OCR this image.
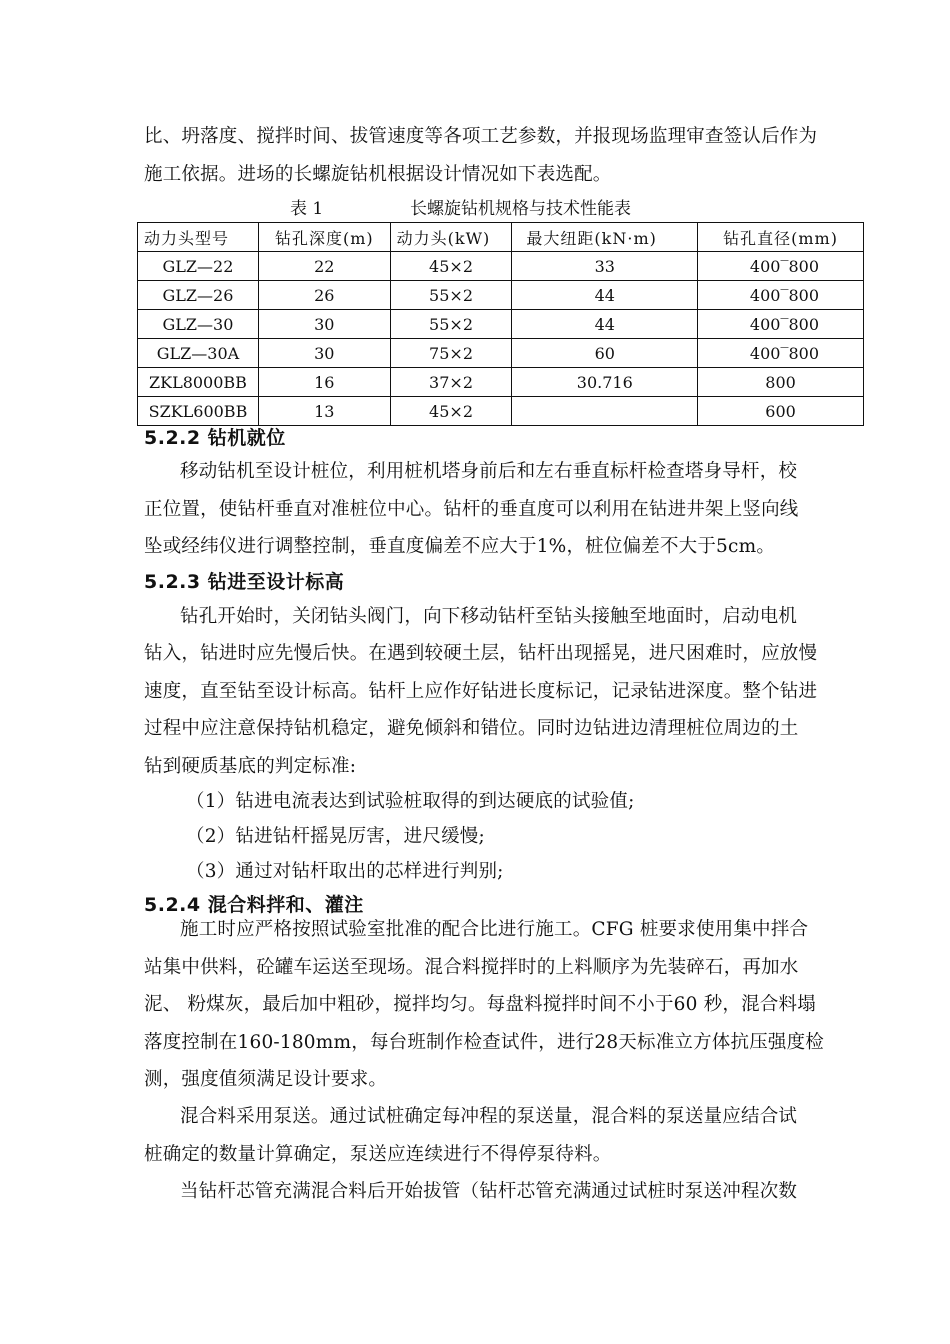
比、坍落度、搅拌时间、拔管速度等各项工艺参数，并报现场监理审查签认后作为
施工依据。进场的长螺旋钻机根据设计情况如下表选配。
表 1	长螺旋钻机规格与技术性能表
动力头型号	钻孔深度(m)	动力头(kW)	最大纽距(kN·m)	钻孔直径(mm)
GLZ—22	22	45×2	33	400‾800
GLZ—26	26	55×2	44	400‾800
GLZ—30	30	55×2	44	400‾800
GLZ—30A	30	75×2	60	400‾800
ZKL8000BB	16	37×2	30.716	800
SZKL600BB	13	45×2		600
5.2.2 钻机就位
移动钻机至设计桩位，利用桩机塔身前后和左右垂直标杆检查塔身导杆，校
正位置，使钻杆垂直对准桩位中心。钻杆的垂直度可以利用在钻进井架上竖向线
坠或经纬仪进行调整控制，垂直度偏差不应大于1%，桩位偏差不大于5cm。
5.2.3 钻进至设计标高
钻孔开始时，关闭钻头阀门，向下移动钻杆至钻头接触至地面时，启动电机
钻入，钻进时应先慢后快。在遇到较硬土层，钻杆出现摇晃，进尺困难时，应放慢
速度，直至钻至设计标高。钻杆上应作好钻进长度标记，记录钻进深度。整个钻进
过程中应注意保持钻机稳定，避免倾斜和错位。同时边钻进边清理桩位周边的土
钻到硬质基底的判定标准:
（1）钻进电流表达到试验桩取得的到达硬底的试验值;
（2）钻进钻杆摇晃厉害，进尺缓慢;
（3）通过对钻杆取出的芯样进行判别;
5.2.4 混合料拌和、灌注
施工时应严格按照试验室批准的配合比进行施工。CFG 桩要求使用集中拌合
站集中供料，砼罐车运送至现场。混合料搅拌时的上料顺序为先装碎石，再加水
泥、 粉煤灰，最后加中粗砂，搅拌均匀。每盘料搅拌时间不小于60 秒，混合料塌
落度控制在160-180mm，每台班制作检查试件，进行28天标准立方体抗压强度检
测，强度值须满足设计要求。
混合料采用泵送。通过试桩确定每冲程的泵送量，混合料的泵送量应结合试
桩确定的数量计算确定，泵送应连续进行不得停泵待料。
当钻杆芯管充满混合料后开始拔管（钻杆芯管充满通过试桩时泵送冲程次数
